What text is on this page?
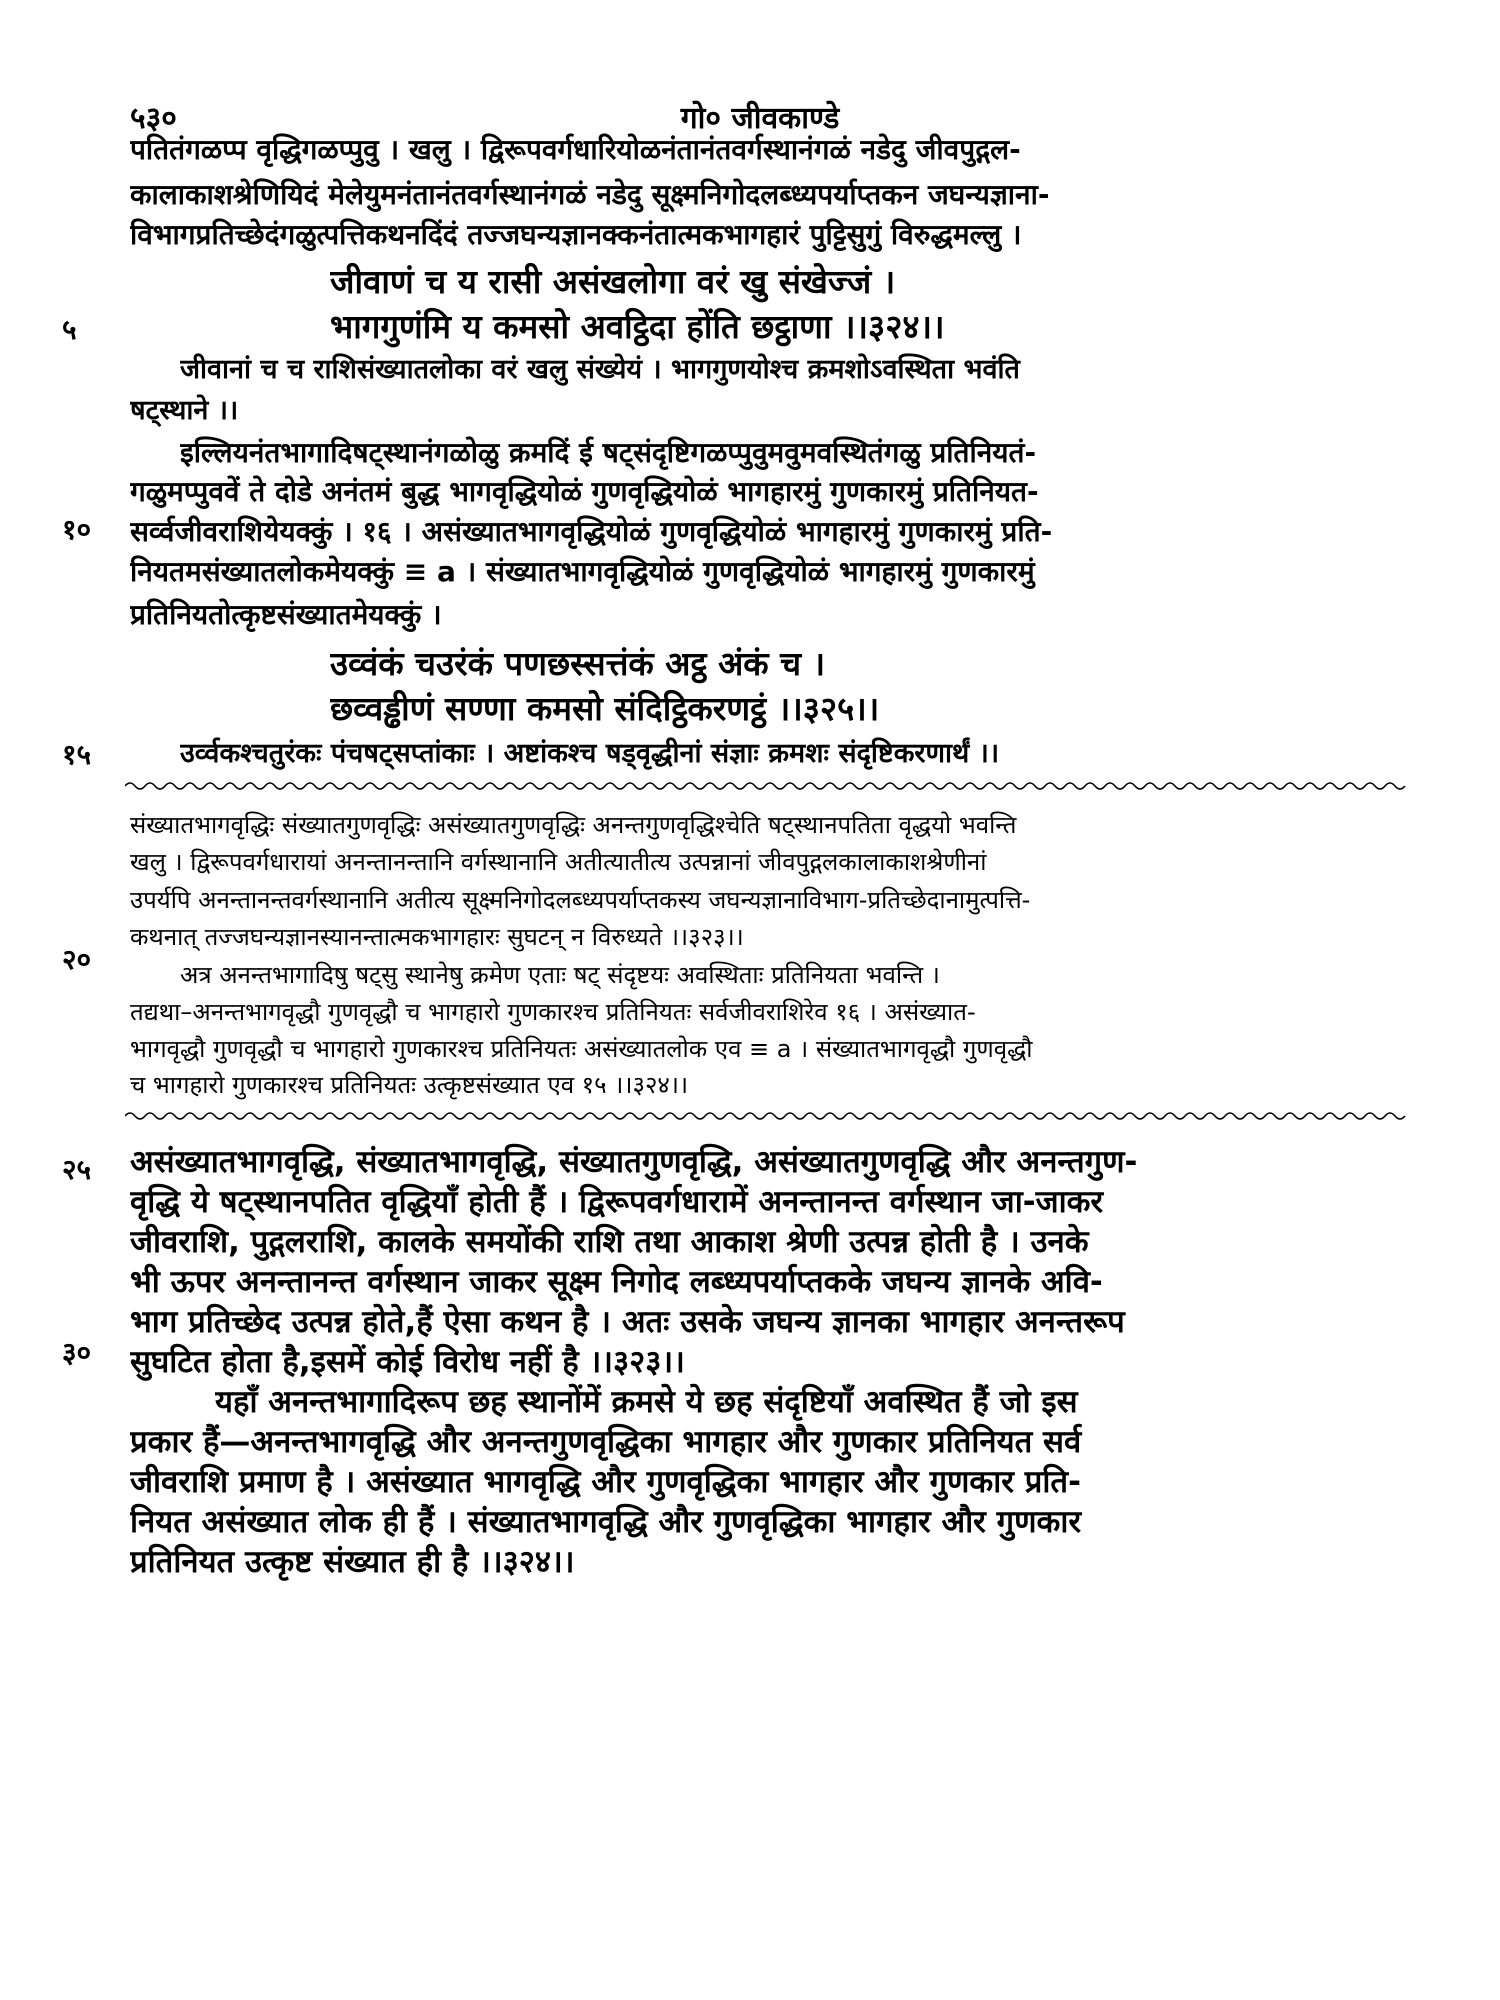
५३०	गो० जीवकाण्डे
५
१०
१५
२०
२५
३०
पतितंगळप्प वृद्धिगळप्पुवु । खलु । द्विरूपवर्गधारियोळनंतानंतवर्गस्थानंगळं नडेदु जीवपुद्गल-
कालाकाशश्रेणियिदं मेलेयुमनंतानंतवर्गस्थानंगळं नडेदु सूक्ष्मनिगोदलब्ध्यपर्याप्तकन जघन्यज्ञाना-
विभागप्रतिच्छेदंगळुत्पत्तिकथनदिंदं तज्जघन्यज्ञानक्कनंतात्मकभागहारं पुट्टिसुगुं विरुद्धमल्लु ।
जीवाणं च य रासी असंखलोगा वरं खु संखेज्जं ।
भागगुणंमि य कमसो अवट्ठिदा होंति छट्ठाणा ।।३२४।।
जीवानां च च राशिसंख्यातलोका वरं खलु संख्येयं । भागगुणयोश्च क्रमशोऽवस्थिता भवंति
षट्स्थाने ।।
इल्लियनंतभागादिषट्स्थानंगळोळु क्रमदिं ई षट्संदृष्टिगळप्पुवुमवुमवस्थितंगळु प्रतिनियतं-
गळुमप्पुववें ते दोडे अनंतमं बुद्ध भागवृद्धियोळं गुणवृद्धियोळं भागहारमुं गुणकारमुं प्रतिनियत-
सर्व्वजीवराशियेयक्कुं । १६ । असंख्यातभागवृद्धियोळं गुणवृद्धियोळं भागहारमुं गुणकारमुं प्रति-
नियतमसंख्यातलोकमेयक्कुं ≡ a । संख्यातभागवृद्धियोळं गुणवृद्धियोळं भागहारमुं गुणकारमुं
प्रतिनियतोत्कृष्टसंख्यातमेयक्कुं ।
उव्वंकं चउरंकं पणछस्सत्तंकं अट्ठ अंकं च ।
छव्वड्ढीणं सण्णा कमसो संदिट्ठिकरणट्ठं ।।३२५।।
उर्व्वकश्चतुरंकः पंचषट्सप्तांकाः । अष्टांकश्च षड्वृद्धीनां संज्ञाः क्रमशः संदृष्टिकरणार्थं ।।
संख्यातभागवृद्धिः संख्यातगुणवृद्धिः असंख्यातगुणवृद्धिः अनन्तगुणवृद्धिश्चेति षट्स्थानपतिता वृद्धयो भवन्ति
खलु । द्विरूपवर्गधारायां अनन्तानन्तानि वर्गस्थानानि अतीत्यातीत्य उत्पन्नानां जीवपुद्गलकालाकाशश्रेणीनां
उपर्यपि अनन्तानन्तवर्गस्थानानि अतीत्य सूक्ष्मनिगोदलब्ध्यपर्याप्तकस्य जघन्यज्ञानाविभाग-प्रतिच्छेदानामुत्पत्ति-
कथनात् तज्जघन्यज्ञानस्यानन्तात्मकभागहारः सुघटन् न विरुध्यते ।।३२३।।
अत्र अनन्तभागादिषु षट्सु स्थानेषु क्रमेण एताः षट् संदृष्टयः अवस्थिताः प्रतिनियता भवन्ति ।
तद्यथा–अनन्तभागवृद्धौ गुणवृद्धौ च भागहारो गुणकारश्च प्रतिनियतः सर्वजीवराशिरेव १६ । असंख्यात-
भागवृद्धौ गुणवृद्धौ च भागहारो गुणकारश्च प्रतिनियतः असंख्यातलोक एव ≡ a । संख्यातभागवृद्धौ गुणवृद्धौ
च भागहारो गुणकारश्च प्रतिनियतः उत्कृष्टसंख्यात एव १५ ।।३२४।।
असंख्यातभागवृद्धि, संख्यातभागवृद्धि, संख्यातगुणवृद्धि, असंख्यातगुणवृद्धि और अनन्तगुण-
वृद्धि ये षट्स्थानपतित वृद्धियाँ होती हैं । द्विरूपवर्गधारामें अनन्तानन्त वर्गस्थान जा-जाकर
जीवराशि, पुद्गलराशि, कालके समयोंकी राशि तथा आकाश श्रेणी उत्पन्न होती है । उनके
भी ऊपर अनन्तानन्त वर्गस्थान जाकर सूक्ष्म निगोद लब्ध्यपर्याप्तकके जघन्य ज्ञानके अवि-
भाग प्रतिच्छेद उत्पन्न होते,हैं ऐसा कथन है । अतः उसके जघन्य ज्ञानका भागहार अनन्तरूप
सुघटित होता है,इसमें कोई विरोध नहीं है ।।३२३।।
यहाँ अनन्तभागादिरूप छह स्थानोंमें क्रमसे ये छह संदृष्टियाँ अवस्थित हैं जो इस
प्रकार हैं—अनन्तभागवृद्धि और अनन्तगुणवृद्धिका भागहार और गुणकार प्रतिनियत सर्व
जीवराशि प्रमाण है । असंख्यात भागवृद्धि और गुणवृद्धिका भागहार और गुणकार प्रति-
नियत असंख्यात लोक ही हैं । संख्यातभागवृद्धि और गुणवृद्धिका भागहार और गुणकार
प्रतिनियत उत्कृष्ट संख्यात ही है ।।३२४।।
